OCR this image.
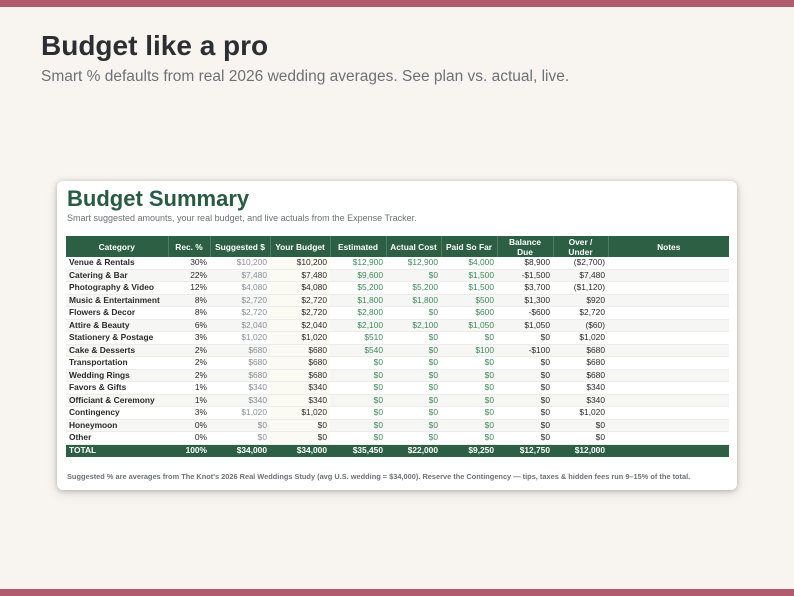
Budget like a pro

Smart % defaults from real 2026 wedding averages. See plan vs. actual, live.

Budget Summary

Smart suggested amounts, your real budget, and live actuals from the Expense Tracker.

Category	Rec. %	Suggested $	Your Budget	Estimated	Actual Cost	Paid So Far	Balance Due	Over / Under	Notes
Venue & Rentals	30%	$10,200	$10,200	$12,900	$12,900	$4,000	$8,900	($2,700)	
Catering & Bar	22%	$7,480	$7,480	$9,600	$0	$1,500	-$1,500	$7,480	
Photography & Video	12%	$4,080	$4,080	$5,200	$5,200	$1,500	$3,700	($1,120)	
Music & Entertainment	8%	$2,720	$2,720	$1,800	$1,800	$500	$1,300	$920	
Flowers & Decor	8%	$2,720	$2,720	$2,800	$0	$600	-$600	$2,720	
Attire & Beauty	6%	$2,040	$2,040	$2,100	$2,100	$1,050	$1,050	($60)	
Stationery & Postage	3%	$1,020	$1,020	$510	$0	$0	$0	$1,020	
Cake & Desserts	2%	$680	$680	$540	$0	$100	-$100	$680	
Transportation	2%	$680	$680	$0	$0	$0	$0	$680	
Wedding Rings	2%	$680	$680	$0	$0	$0	$0	$680	
Favors & Gifts	1%	$340	$340	$0	$0	$0	$0	$340	
Officiant & Ceremony	1%	$340	$340	$0	$0	$0	$0	$340	
Contingency	3%	$1,020	$1,020	$0	$0	$0	$0	$1,020	
Honeymoon	0%	$0	$0	$0	$0	$0	$0	$0	
Other	0%	$0	$0	$0	$0	$0	$0	$0	
TOTAL	100%	$34,000	$34,000	$35,450	$22,000	$9,250	$12,750	$12,000	

Suggested % are averages from The Knot's 2026 Real Weddings Study (avg U.S. wedding = $34,000). Reserve the Contingency — tips, taxes & hidden fees run 9–15% of the total.
